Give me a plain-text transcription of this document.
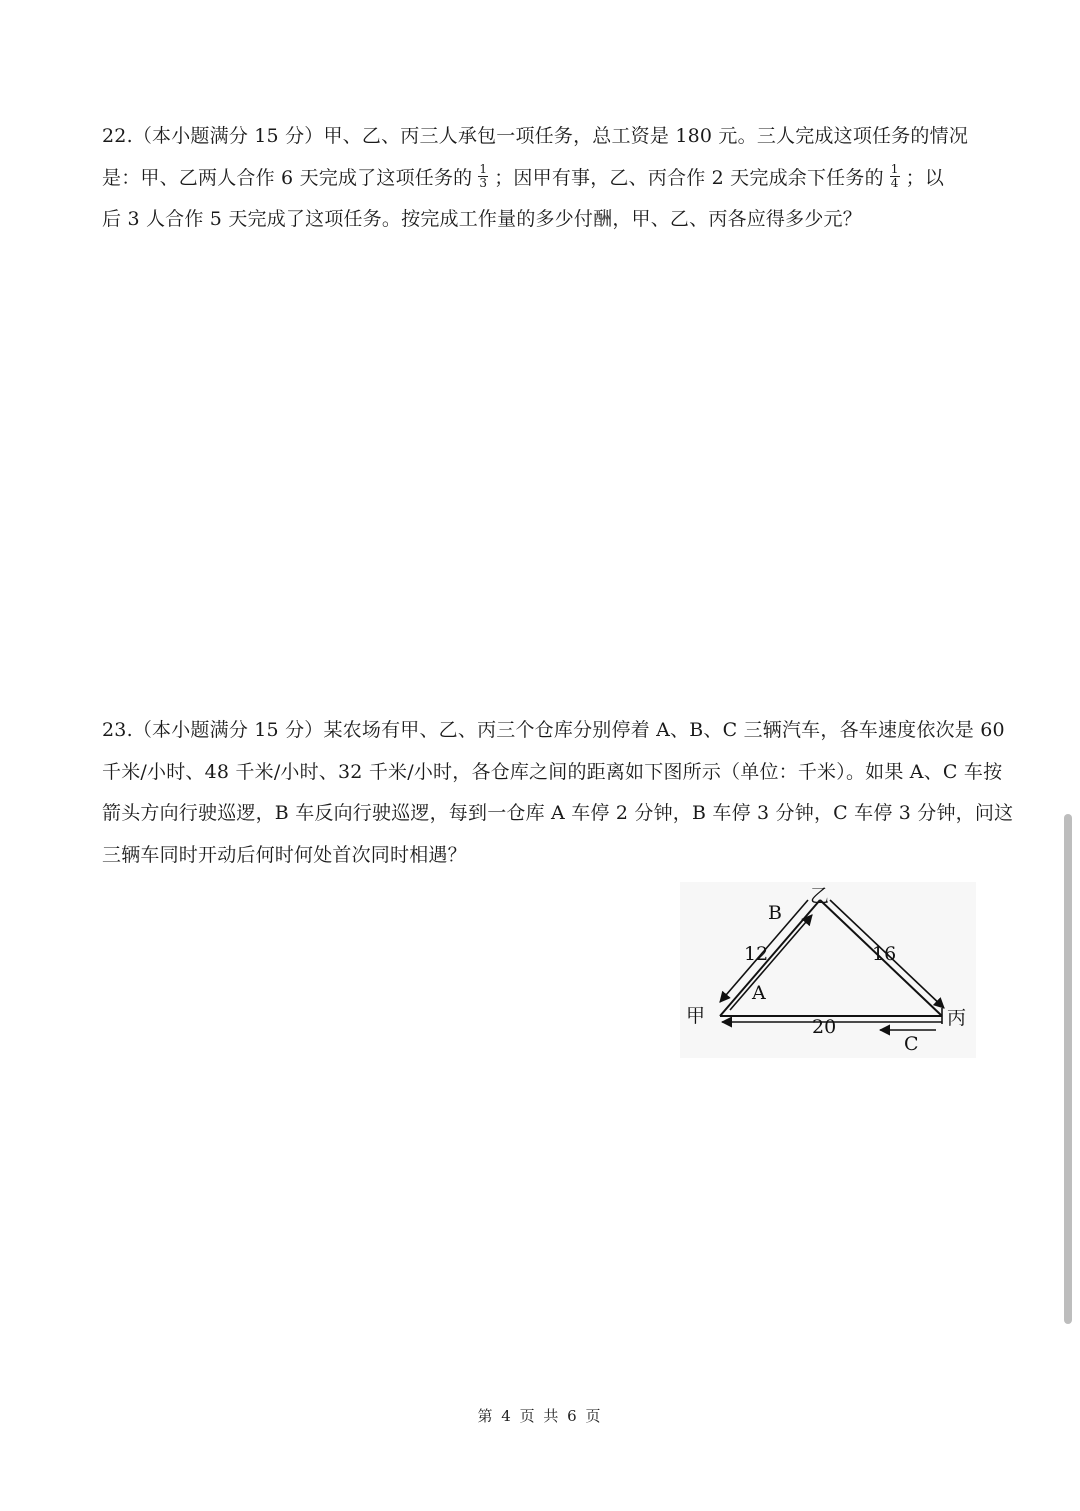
22.（本小题满分 15 分）甲、乙、丙三人承包一项任务，总工资是 180 元。三人完成这项任务的情况
是：甲、乙两人合作 6 天完成了这项任务的 $\frac{1}{3}$ ；因甲有事，乙、丙合作 2 天完成余下任务的 $\frac{1}{4}$ ；以
后 3 人合作 5 天完成了这项任务。按完成工作量的多少付酬，甲、乙、丙各应得多少元？
23.（本小题满分 15 分）某农场有甲、乙、丙三个仓库分别停着 A、B、C 三辆汽车，各车速度依次是 60
千米/小时、48 千米/小时、32 千米/小时，各仓库之间的距离如下图所示（单位：千米）。如果 A、C 车按
箭头方向行驶巡逻，B 车反向行驶巡逻，每到一仓库 A 车停 2 分钟，B 车停 3 分钟，C 车停 3 分钟，问这
三辆车同时开动后何时何处首次同时相遇？
甲
乙
丙
12	16
20
A
B
C
第 4 页 共 6 页
